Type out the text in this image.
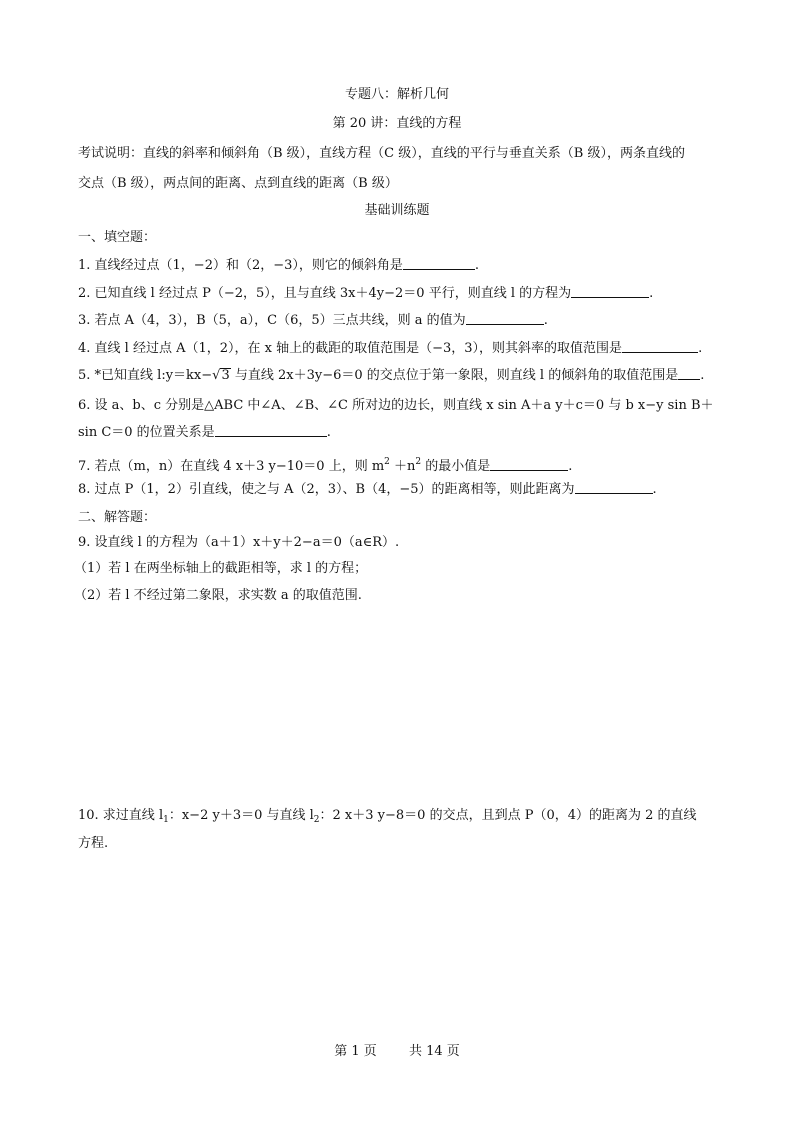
专题八：解析几何
第 20 讲：直线的方程
考试说明：直线的斜率和倾斜角（B 级），直线方程（C 级），直线的平行与垂直关系（B 级），两条直线的
交点（B 级），两点间的距离、点到直线的距离（B 级）
基础训练题
一、填空题：
1. 直线经过点（1，−2）和（2，−3），则它的倾斜角是	.
2. 已知直线 l 经过点 P（−2，5），且与直线 3x＋4y−2＝0 平行，则直线 l 的方程为	.
3. 若点 A（4，3），B（5，a），C（6，5）三点共线，则 a 的值为	.
4. 直线 l 经过点 A（1，2），在 x 轴上的截距的取值范围是（−3，3），则其斜率的取值范围是	.
5. *已知直线 l:y＝kx−√3 与直线 2x＋3y−6＝0 的交点位于第一象限，则直线 l 的倾斜角的取值范围是 .
6. 设 a、b、c 分别是△ABC 中∠A、∠B、∠C 所对边的边长，则直线 x sin A＋a y＋c＝0 与 b x−y sin B＋
sin C＝0 的位置关系是	.
7. 若点（m，n）在直线 4 x＋3 y−10＝0 上，则 $m^2 +n^2$ 的最小值是	.
8. 过点 P（1，2）引直线，使之与 A（2，3）、B（4，−5）的距离相等，则此距离为	.
二、解答题：
9. 设直线 l 的方程为（a＋1）x＋y＋2−a＝0（a∈R）.
（1）若 l 在两坐标轴上的截距相等，求 l 的方程；
（2）若 l 不经过第二象限，求实数 a 的取值范围.
10. 求过直线 $l_1$：x−2 y＋3＝0 与直线 $l_2$：2 x＋3 y−8＝0 的交点，且到点 P（0，4）的距离为 2 的直线
方程.
第 1 页 共 14 页
